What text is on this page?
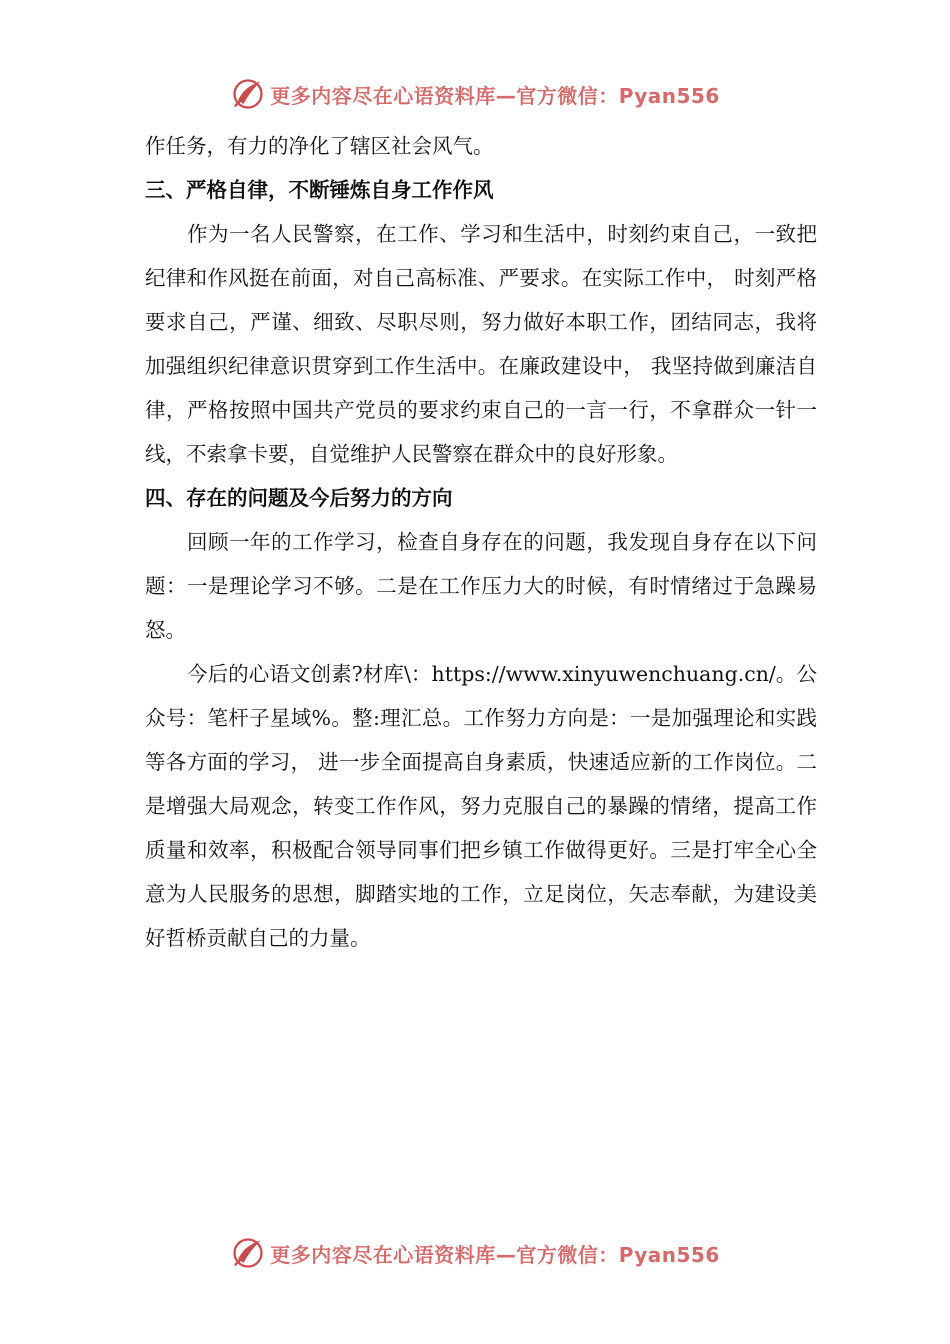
更多内容尽在心语资料库—官方微信：Pyan556

作任务，有力的净化了辖区社会风气。

三、严格自律，不断锤炼自身工作作风

作为一名人民警察，在工作、学习和生活中，时刻约束自己，一致把纪律和作风挺在前面，对自己高标准、严要求。在实际工作中， 时刻严格要求自己，严谨、细致、尽职尽则，努力做好本职工作，团结同志，我将加强组织纪律意识贯穿到工作生活中。在廉政建设中， 我坚持做到廉洁自律，严格按照中国共产党员的要求约束自己的一言一行，不拿群众一针一线，不索拿卡要，自觉维护人民警察在群众中的良好形象。

四、存在的问题及今后努力的方向

回顾一年的工作学习，检查自身存在的问题，我发现自身存在以下问题：一是理论学习不够。二是在工作压力大的时候，有时情绪过于急躁易怒。

今后的心语文创素?材库\：https://www.xinyuwenchuang.cn/。公众号：笔杆子星域%。整:理汇总。工作努力方向是：一是加强理论和实践等各方面的学习， 进一步全面提高自身素质，快速适应新的工作岗位。二是增强大局观念，转变工作作风，努力克服自己的暴躁的情绪，提高工作质量和效率，积极配合领导同事们把乡镇工作做得更好。三是打牢全心全意为人民服务的思想，脚踏实地的工作，立足岗位，矢志奉献，为建设美好哲桥贡献自己的力量。

更多内容尽在心语资料库—官方微信：Pyan556
